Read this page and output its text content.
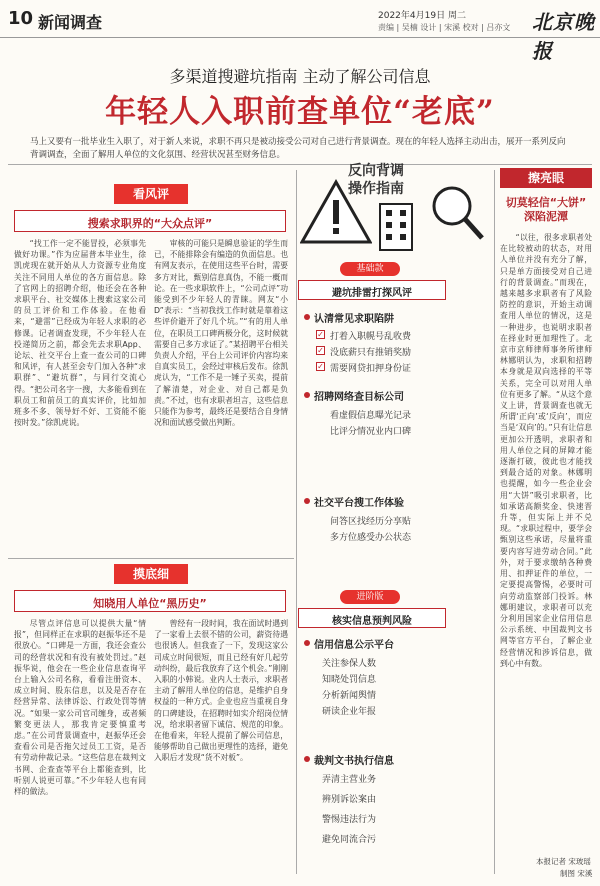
10 新闻调查	2022年4月19日 周二
责编 | 吴楠 设计 | 宋溪 校对 | 吕亦文 北京晚报
多渠道搜避坑指南 主动了解公司信息
年轻人入职前查单位“老底”
马上又要有一批毕业生入职了，对于新人来说，求职不再只是被动接受公司对自己进行背景调查。现在的年轻人选择主动出击，展开一系列反向背调调查，全面了解用人单位的文化氛围、经营状况甚至财务信息。
看风评
搜索求职界的“大众点评”

“找工作一定不能冒投，必须事先做好功课。”作为应届普本毕业生，徐凯虎现在就开始从人力资源专业角度关注不同用人单位的各方面信息。除了官网上的招聘介绍，他还会在各种求职平台、社交媒体上搜索这家公司的员工评价和工作体验。在他看来，“避雷”已经成为年轻人求职的必修课。记者调查发现，不少年轻人在投递简历之前，都会先去求职App、论坛、社交平台上查一查公司的口碑和风评，有人甚至会专门加入各种“求职群”、“避坑群”，与同行交流心得。“把公司名字一搜，大多能看到在职员工和前员工的真实评价，比如加班多不多、领导好不好、工资能不能按时发。”徐凯虎说。

审核的可能只是瞬息验证的学生而已，不能排除会有编造的负面信息。也有网友表示，在使用这些平台时，需要多方对比，甄别信息真伪，不能一概而论。在一些求职软件上，“公司点评”功能受到不少年轻人的青睐。网友“小D”表示：“当初我找工作时就是靠着这些评价避开了好几个坑。”“有的用人单位，在职员工口碑两极分化，这时候就需要自己多方求证了。”某招聘平台相关负责人介绍，平台上公司评价内容均来自真实员工，会经过审核后发布。徐凯虎认为，“工作不是一锤子买卖，提前了解清楚，对企业、对自己都是负责。”不过，也有求职者坦言，这些信息只能作为参考，最终还是要结合自身情况和面试感受做出判断。

摸底细
知晓用人单位“黑历史”

尽管点评信息可以提供大量“情报”，但同样正在求职的赵振华还不是很放心。“口碑是一方面，我还会查公司的经营状况和有没有被处罚过。”赵振华说，他会在一些企业信息查询平台上输入公司名称，看看注册资本、成立时间、股东信息，以及是否存在经营异常、法律诉讼、行政处罚等情况。“如果一家公司官司缠身，或者频繁变更法人，那我肯定要慎重考虑。”在公司背景调查中，赵振华还会查看公司是否拖欠过员工工资，是否有劳动仲裁记录。“这些信息在裁判文书网、企查查等平台上都能查到，比听别人说更可靠。”不少年轻人也有同样的做法。

曾经有一段时间，我在面试时遇到了一家看上去很不错的公司，薪资待遇也很诱人。但我查了一下，发现这家公司成立时间很短，而且已经有好几起劳动纠纷，最后我放弃了这个机会。”刚刚入职的小韩说。业内人士表示，求职者主动了解用人单位的信息，是维护自身权益的一种方式。企业也应当重视自身的口碑建设，在招聘时如实介绍岗位情况，给求职者留下诚信、规范的印象。在他看来，年轻人提前了解公司信息，能够帮助自己做出更理性的选择，避免入职后才发现“货不对板”。

反向背调
操作指南
基础款
避坑排雷打探风评
认清常见求职陷阱
✓ 打着入职幌号乱收费
✓ 没底薪只有推销奖励
✓ 需要网贷扣押身份证
招聘网络查目标公司
看虚假信息曝光记录
比评分情况业内口碑
社交平台搜工作体验
问答区找经历分享贴
多方位感受办公状态
进阶版
核实信息预判风险
信用信息公示平台
关注参保人数
知晓处罚信息
分析新闻舆情
研读企业年报
裁判文书执行信息
弄清主营业务
辨别诉讼案由
警惕违法行为
避免同流合污
擦亮眼
切莫轻信“大饼”
深陷泥潭

“以往，很多求职者处在比较被动的状态，对用人单位并没有充分了解，只是单方面接受对自己进行的背景调查。”而现在，越来越多求职者有了风险防控的意识，开始主动调查用人单位的情况，这是一种进步，也说明求职者在择业时更加理性了。北京市京师律师事务所律师林娜明认为，求职和招聘本身就是双向选择的平等关系，完全可以对用人单位有更多了解。“从这个意义上讲，背景调查也就无所谓‘正向’或‘反向’，而应当是‘双向’的。”只有让信息更加公开透明，求职者和用人单位之间的屏障才能逐渐打破，彼此也才能找到最合适的对象。林娜明也提醒，如今一些企业会用“大饼”吸引求职者，比如承诺高额奖金、快速晋升等，但实际上并不兑现。“求职过程中，要学会甄别这些承诺，尽量将重要内容写进劳动合同。”此外，对于要求缴纳各种费用、扣押证件的单位，一定要提高警惕，必要时可向劳动监察部门投诉。林娜明建议，求职者可以充分利用国家企业信用信息公示系统、中国裁判文书网等官方平台，了解企业经营情况和涉诉信息，做到心中有数。

本报记者 宋玻瑶
制图 宋溪
